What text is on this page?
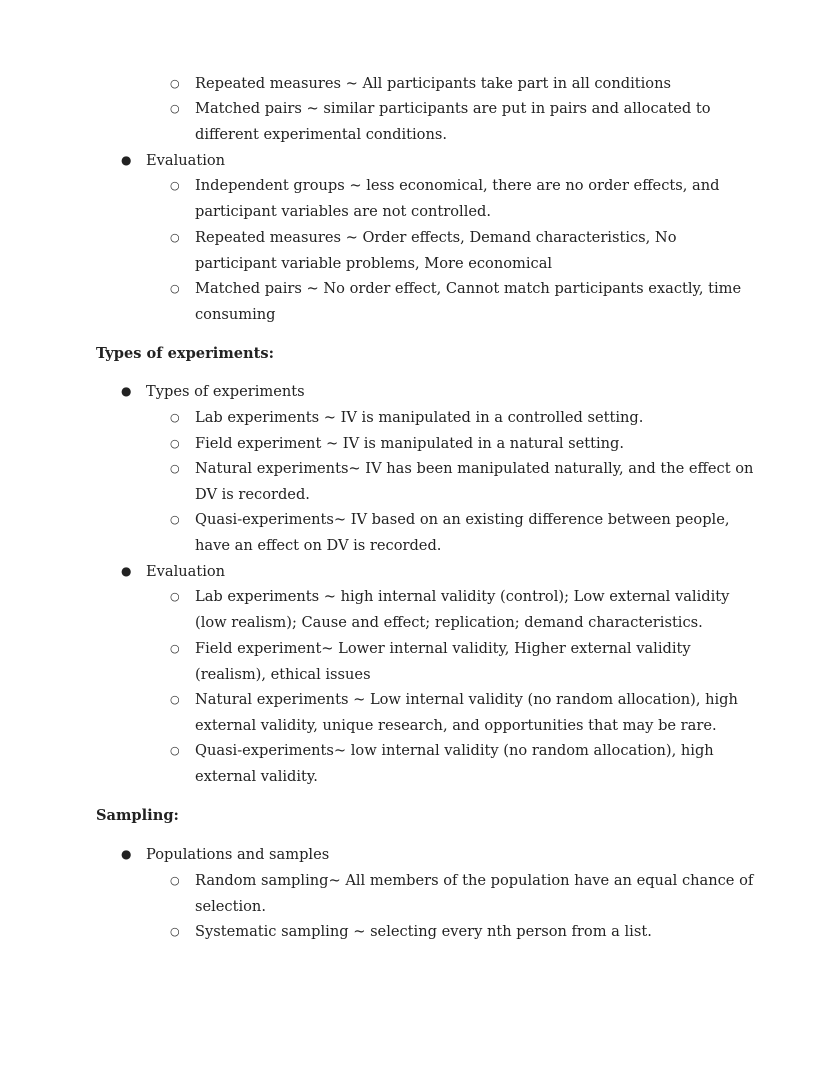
○ Repeated measures ~ All participants take part in all conditions
○ Matched pairs ~ similar participants are put in pairs and allocated to different experimental conditions.
● Evaluation
○ Independent groups ~ less economical, there are no order effects, and participant variables are not controlled.
○ Repeated measures ~ Order effects, Demand characteristics, No participant variable problems, More economical
○ Matched pairs ~ No order effect, Cannot match participants exactly, time consuming
Types of experiments:
● Types of experiments
○ Lab experiments ~ IV is manipulated in a controlled setting.
○ Field experiment ~ IV is manipulated in a natural setting.
○ Natural experiments~ IV has been manipulated naturally, and the effect on DV is recorded.
○ Quasi-experiments~ IV based on an existing difference between people, have an effect on DV is recorded.
● Evaluation
○ Lab experiments ~ high internal validity (control); Low external validity (low realism); Cause and effect; replication; demand characteristics.
○ Field experiment~ Lower internal validity, Higher external validity (realism), ethical issues
○ Natural experiments ~ Low internal validity (no random allocation), high external validity, unique research, and opportunities that may be rare.
○ Quasi-experiments~ low internal validity (no random allocation), high external validity.
Sampling:
● Populations and samples
○ Random sampling~ All members of the population have an equal chance of selection.
○ Systematic sampling ~ selecting every nth person from a list.
